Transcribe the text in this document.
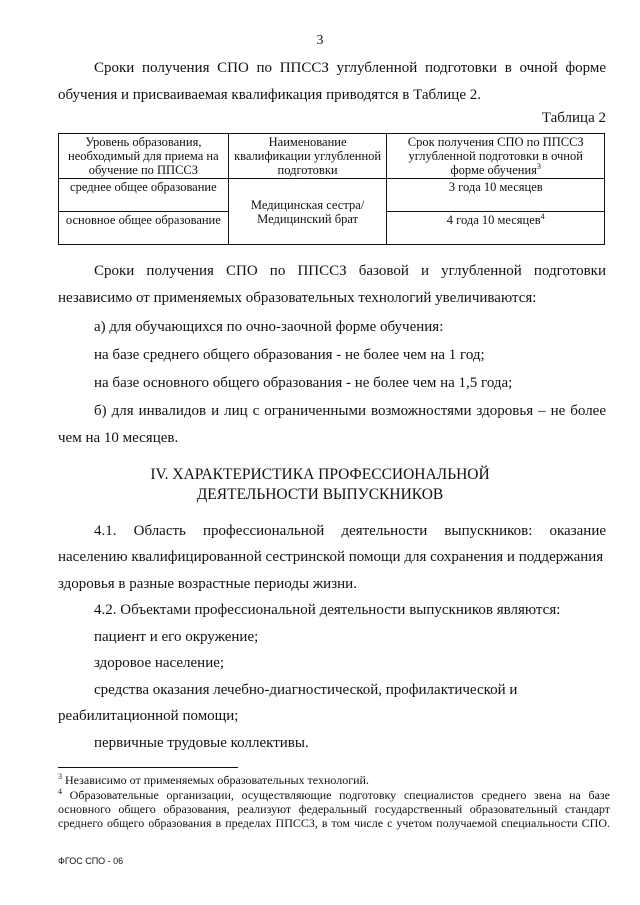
3
Сроки получения СПО по ППССЗ углубленной подготовки в очной форме
обучения и присваиваемая квалификация приводятся в Таблице 2.
Таблица 2
Уровень образования, необходимый для приема на обучение по ППССЗ	Наименование квалификации углубленной подготовки	Срок получения СПО по ППССЗ углубленной подготовки в очной форме обучения$^3$
среднее общее образование	Медицинская сестра/Медицинский брат	3 года 10 месяцев
основное общее образование		4 года 10 месяцев$^4$
Сроки получения СПО по ППССЗ базовой и углубленной подготовки
независимо от применяемых образовательных технологий увеличиваются:
а) для обучающихся по очно-заочной форме обучения:
на базе среднего общего образования - не более чем на 1 год;
на базе основного общего образования - не более чем на 1,5 года;
б) для инвалидов и лиц с ограниченными возможностями здоровья – не более
чем на 10 месяцев.
IV. ХАРАКТЕРИСТИКА ПРОФЕССИОНАЛЬНОЙ
ДЕЯТЕЛЬНОСТИ ВЫПУСКНИКОВ
4.1. Область профессиональной деятельности выпускников: оказание
населению квалифицированной сестринской помощи для сохранения и поддержания
здоровья в разные возрастные периоды жизни.
4.2. Объектами профессиональной деятельности выпускников являются:
пациент и его окружение;
здоровое население;
средства оказания лечебно-диагностической, профилактической и
реабилитационной помощи;
первичные трудовые коллективы.
$^3$ Независимо от применяемых образовательных технологий.
$^4$ Образовательные организации, осуществляющие подготовку специалистов среднего звена на базе основного общего образования, реализуют федеральный государственный образовательный стандарт среднего общего образования в пределах ППССЗ, в том числе с учетом получаемой специальности СПО.
ФГОС СПО - 06
